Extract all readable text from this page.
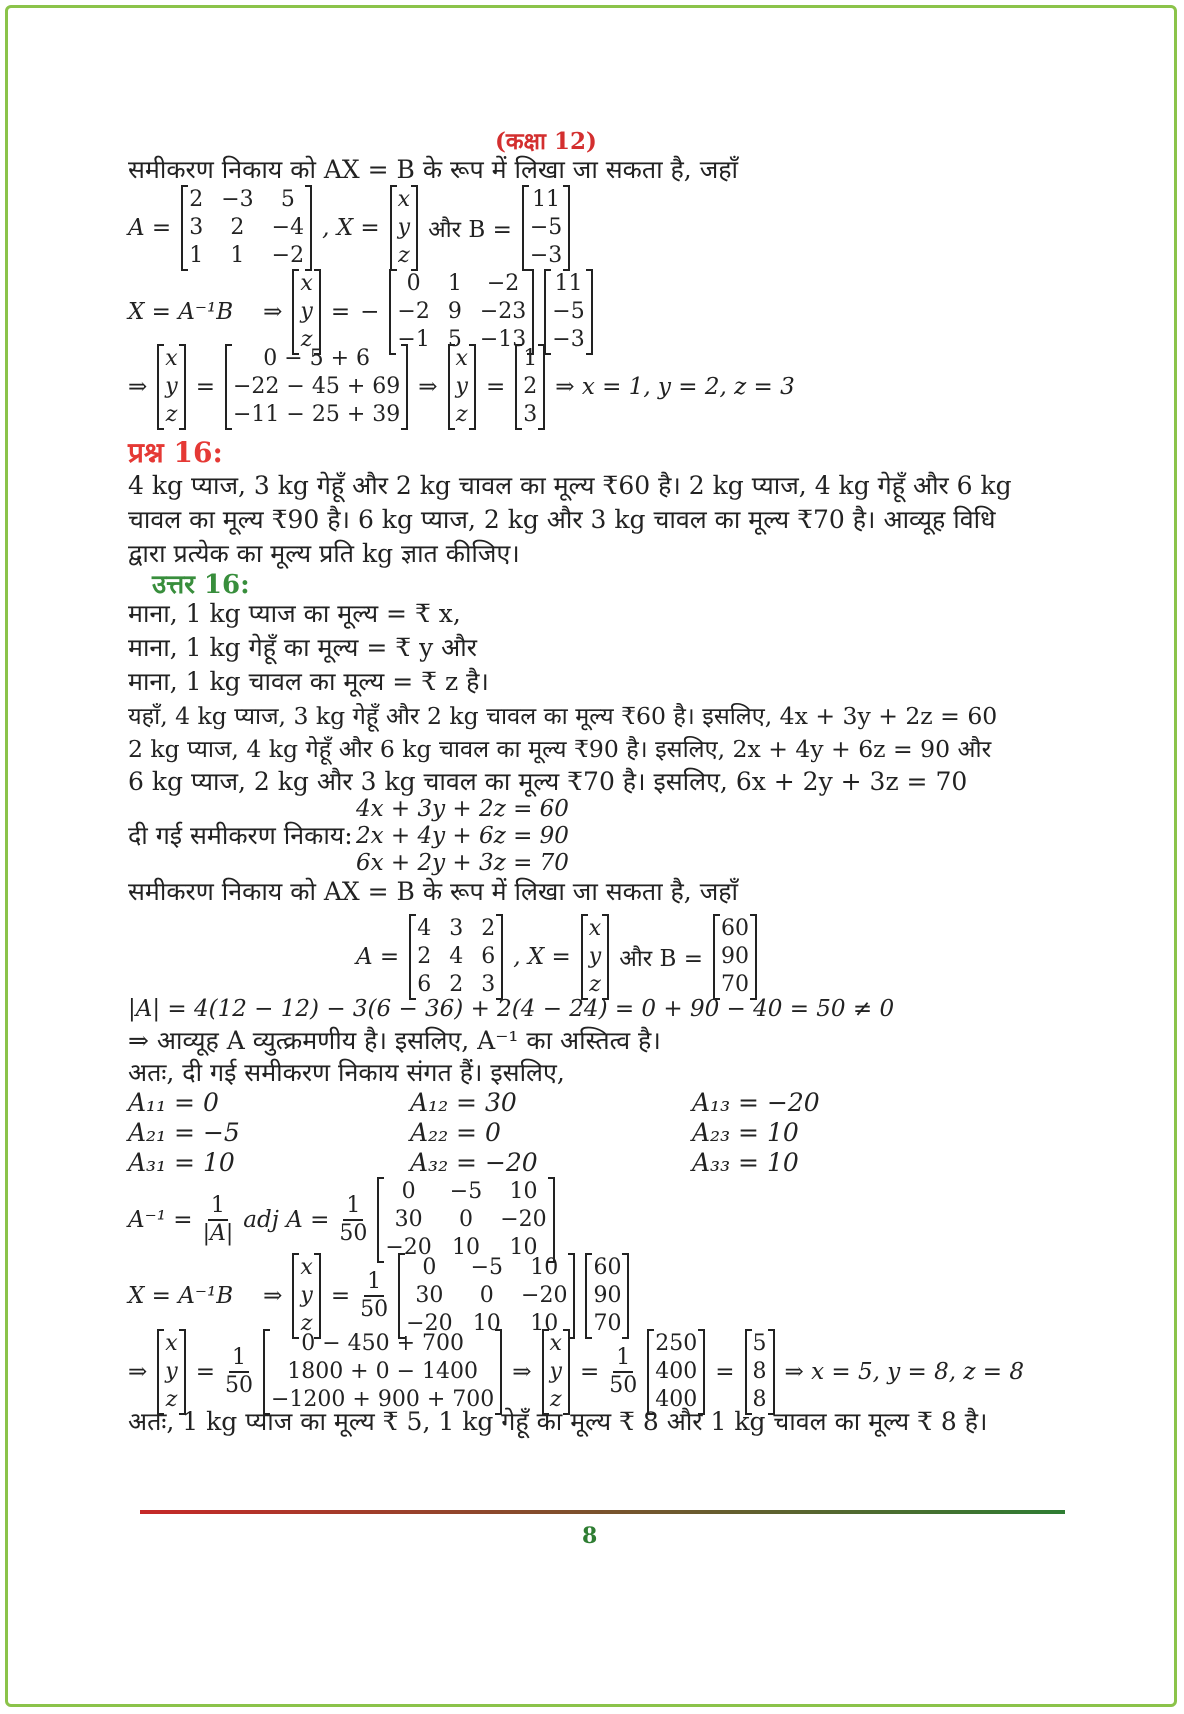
(कक्षा 12)
समीकरण निकाय को AX = B के रूप में लिखा जा सकता है, जहाँ
A =
2 −3	5
3	2	−4
1	1	−2
, X =
x
y
z
और B =
11
−5
−3
X = A⁻¹B ⇒
x
y
z
= −
0	1	−2
−2 9 −23
−1 5 −13
11
−5
−3
⇒
x
y
z
=
0 − 5 + 6
−22 − 45 + 69
−11 − 25 + 39
⇒
x
y
z
=
1
2
3
⇒ x = 1, y = 2, z = 3
प्रश्न 16:
4 kg प्याज, 3 kg गेहूँ और 2 kg चावल का मूल्य ₹60 है। 2 kg प्याज, 4 kg गेहूँ और 6 kg
चावल का मूल्य ₹90 है। 6 kg प्याज, 2 kg और 3 kg चावल का मूल्य ₹70 है। आव्यूह विधि
द्वारा प्रत्येक का मूल्य प्रति kg ज्ञात कीजिए।
उत्तर 16:
माना, 1 kg प्याज का मूल्य = ₹ x,
माना, 1 kg गेहूँ का मूल्य = ₹ y और
माना, 1 kg चावल का मूल्य = ₹ z है।
यहाँ, 4 kg प्याज, 3 kg गेहूँ और 2 kg चावल का मूल्य ₹60 है। इसलिए, 4x + 3y + 2z = 60
2 kg प्याज, 4 kg गेहूँ और 6 kg चावल का मूल्य ₹90 है। इसलिए, 2x + 4y + 6z = 90 और
6 kg प्याज, 2 kg और 3 kg चावल का मूल्य ₹70 है। इसलिए, 6x + 2y + 3z = 70
4x + 3y + 2z = 60
2x + 4y + 6z = 90
6x + 2y + 3z = 70
दी गई समीकरण निकाय:
समीकरण निकाय को AX = B के रूप में लिखा जा सकता है, जहाँ
A =
4 3 2
2 4 6
6 2 3
, X =
x
y
z
और B =
60
90
70
|A| = 4(12 − 12) − 3(6 − 36) + 2(4 − 24) = 0 + 90 − 40 = 50 ≠ 0
⇒ आव्यूह A व्युत्क्रमणीय है। इसलिए, A⁻¹ का अस्तित्व है।
अतः, दी गई समीकरण निकाय संगत हैं। इसलिए,
A₁₁ = 0	A₁₂ = 30	A₁₃ = −20
A₂₁ = −5	A₂₂ = 0	A₂₃ = 10
A₃₁ = 10	A₃₂ = −20	A₃₃ = 10
$A^{-1} = \frac{1}{|A|}$ adj $A = \frac{1}{50}$
0	−5	10
30	0	−20
−20 10	10
X = A⁻¹B ⇒
x
y
z
= $\frac{1}{50}$
0	−5	10
30	0	−20
−20 10	10
60
90
70
⇒
x
y
z
= $\frac{1}{50}$
0 − 450 + 700
1800 + 0 − 1400
−1200 + 900 + 700
⇒
x
y
z
= $\frac{1}{50}$
250
400
400
=
5
8
8
⇒ x = 5, y = 8, z = 8
अतः, 1 kg प्याज का मूल्य ₹ 5, 1 kg गेहूँ का मूल्य ₹ 8 और 1 kg चावल का मूल्य ₹ 8 है।
8
